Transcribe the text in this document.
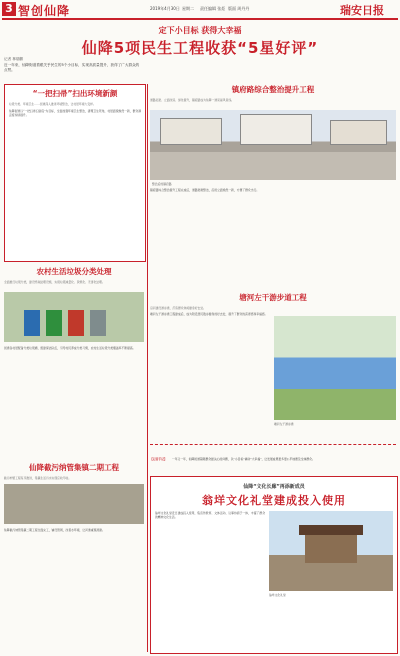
3 智创仙降	2019年4月30日 星期二 责任编辑 张炬 版面 周丹丹	瑞安日报
定下小目标 获得大幸福
仙降5项民生工程收获“5星好评”
记者 林瑞麒
近一年来，仙降街道着眼关乎民生的5个小目标，实现高质量提升，获得了广大群众的点赞。
“一把扫帚”扫出环境新颜
垃圾分类、环境卫生……街道深入推进环境整治，让村居环境大变样。
仙降街道以“一把扫帚扫到底”为目标，全面加强环境卫生整治，清理卫生死角，村居面貌焕然一新，群众满意度持续提升。
镇府路综合整治提升工程
道路拓宽、立面改造、绿化提升，镇府路成为仙降一道亮丽风景线。
整治后的镇府路
镇府路综合整治提升工程完成后，道路宽敞整洁，沿街立面焕然一新，方便了群众出行。
农村生活垃圾分类处理
全面推行垃圾分类，建设终端处理设施，实现垃圾减量化、资源化、无害化处理。
街道各村居配备分类垃圾桶，组建保洁队伍，引导村民养成分类习惯，农村生活垃圾分类覆盖率不断提高。
塘河左干游步道工程
沿河建设游步道，打造群众休闲健身好去处。
塘河左干游步道工程建成后，成为附近居民散步健身的好去处，提升了群众的获得感和幸福感。
塘河左干游步道
【记者手记】 一年又一年，仙降街道着眼群众最关心的问题，以“小目标”撬动“大幸福”，让发展成果更多更公平地惠及全体群众。
仙降截污纳管集镇二期工程
截污纳管工程有序推进，集镇生活污水实现应收尽收。
仙降截污纳管集镇二期工程全面完工，铺设管网，改善水环境，让河道重现清澈。
仙降“文化长廊”再添新成员
翁垟文化礼堂建成投入使用
翁垟文化礼堂近日建成投入使用，集宣传教育、文体活动、议事协商于一体，丰富了群众的精神文化生活。
翁垟文化礼堂
